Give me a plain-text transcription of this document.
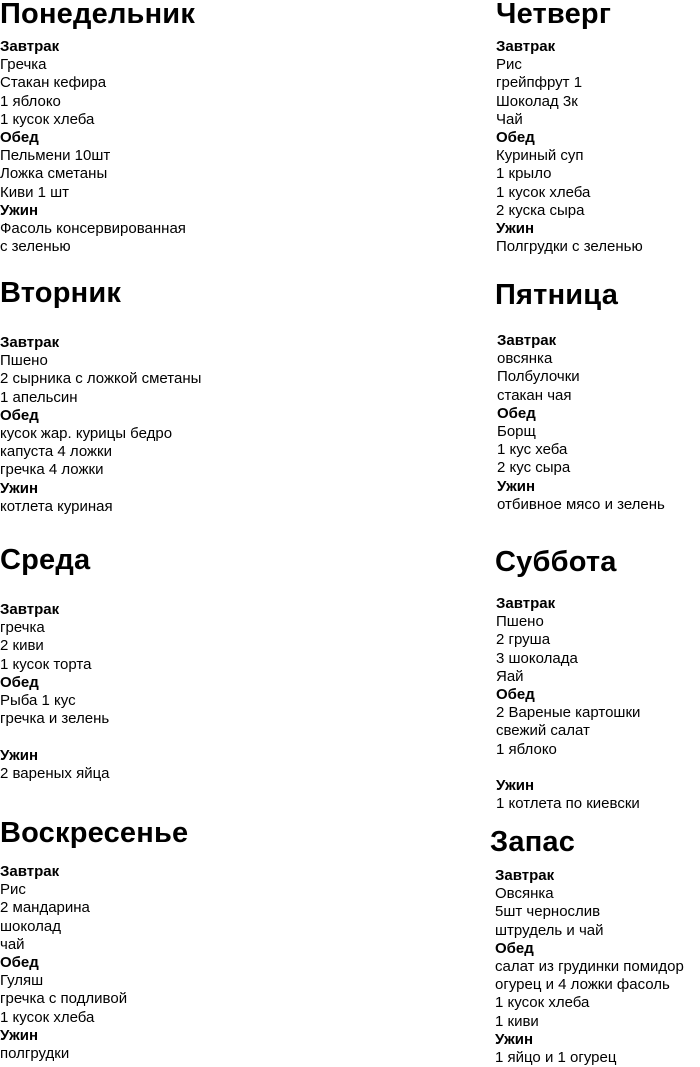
Понедельник
Завтрак
Гречка
Стакан кефира
1 яблоко
1 кусок хлеба
Обед
Пельмени 10шт
Ложка сметаны
Киви 1 шт
Ужин
Фасоль консервированная
с зеленью
Вторник
Завтрак
Пшено
2 сырника с ложкой сметаны
1 апельсин
Обед
кусок жар. курицы бедро
капуста 4 ложки
гречка 4 ложки
Ужин
котлета куриная
Среда
Завтрак
гречка
2 киви
1 кусок торта
Обед
Рыба 1 кус
гречка и зелень
Ужин
2 вареных яйца
Воскресенье
Завтрак
Рис
2 мандарина
шоколад
чай
Обед
Гуляш
гречка с подливой
1 кусок хлеба
Ужин
полгрудки
Четверг
Завтрак
Рис
грейпфрут 1
Шоколад 3к
Чай
Обед
Куриный суп
1 крыло
1 кусок хлеба
2 куска сыра
Ужин
Полгрудки с зеленью
Пятница
Завтрак
овсянка
Полбулочки
стакан чая
Обед
Борщ
1 кус хеба
2 кус сыра
Ужин
отбивное мясо и зелень
Суббота
Завтрак
Пшено
2 груша
3 шоколада
Яай
Обед
2 Вареные картошки
свежий салат
1 яблоко
Ужин
1 котлета по киевски
Запас
Завтрак
Овсянка
5шт чернослив
штрудель и чай
Обед
салат из грудинки помидор
огурец и 4 ложки фасоль
1 кусок хлеба
1 киви
Ужин
1 яйцо и 1 огурец
